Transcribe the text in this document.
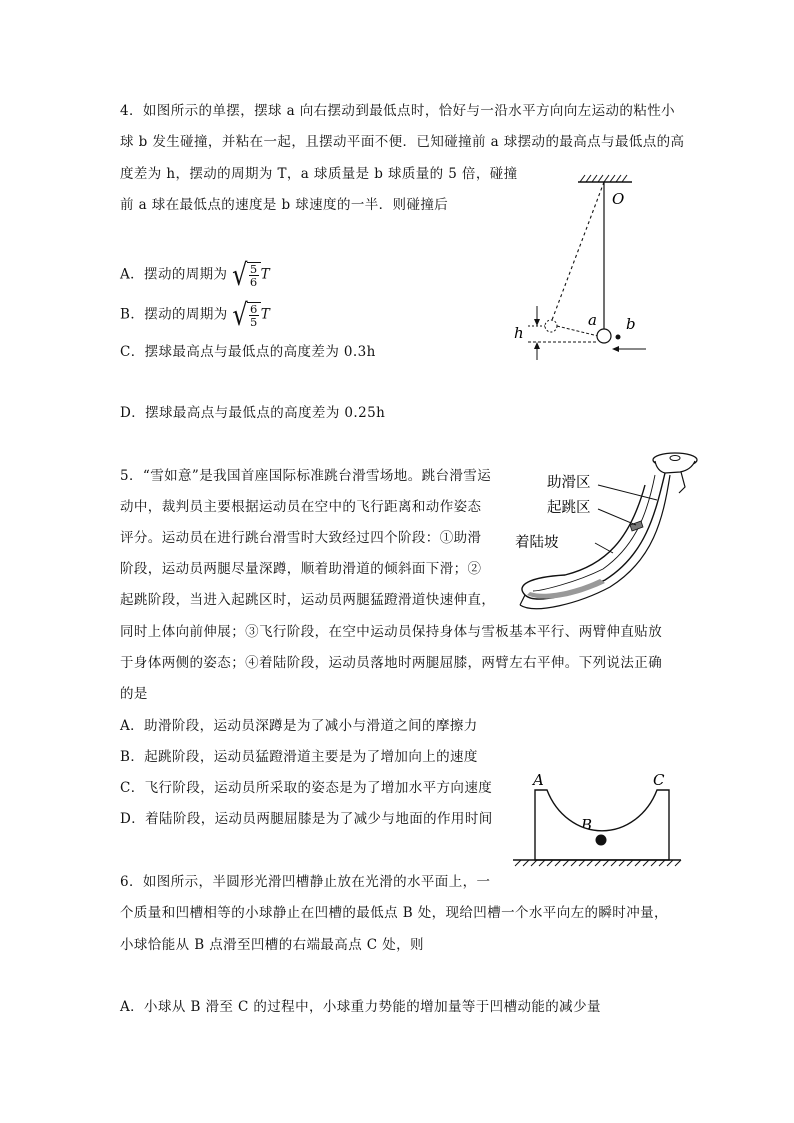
4．如图所示的单摆，摆球 a 向右摆动到最低点时，恰好与一沿水平方向向左运动的粘性小
球 b 发生碰撞，并粘在一起，且摆动平面不便．已知碰撞前 a 球摆动的最高点与最低点的高
度差为 h，摆动的周期为 T，a 球质量是 b 球质量的 5 倍，碰撞
前 a 球在最低点的速度是 b 球速度的一半．则碰撞后
A．摆动的周期为 √ $\frac{5}{6}$ T
B．摆动的周期为 √ $\frac{6}{5}$ T
C．摆球最高点与最低点的高度差为 0.3h
D．摆球最高点与最低点的高度差为 0.25h
O
a b
h
5．“雪如意”是我国首座国际标准跳台滑雪场地。跳台滑雪运
动中，裁判员主要根据运动员在空中的飞行距离和动作姿态
评分。运动员在进行跳台滑雪时大致经过四个阶段：①助滑
阶段，运动员两腿尽量深蹲，顺着助滑道的倾斜面下滑；②
起跳阶段，当进入起跳区时，运动员两腿猛蹬滑道快速伸直，
同时上体向前伸展；③飞行阶段，在空中运动员保持身体与雪板基本平行、两臂伸直贴放
于身体两侧的姿态；④着陆阶段，运动员落地时两腿屈膝，两臂左右平伸。下列说法正确
的是
A．助滑阶段，运动员深蹲是为了减小与滑道之间的摩擦力
B．起跳阶段，运动员猛蹬滑道主要是为了增加向上的速度
C．飞行阶段，运动员所采取的姿态是为了增加水平方向速度
D．着陆阶段，运动员两腿屈膝是为了减少与地面的作用时间
助滑区
起跳区
着陆坡
A	C
B
6．如图所示，半圆形光滑凹槽静止放在光滑的水平面上，一
个质量和凹槽相等的小球静止在凹槽的最低点 B 处，现给凹槽一个水平向左的瞬时冲量，
小球恰能从 B 点滑至凹槽的右端最高点 C 处，则
A．小球从 B 滑至 C 的过程中，小球重力势能的增加量等于凹槽动能的减少量
